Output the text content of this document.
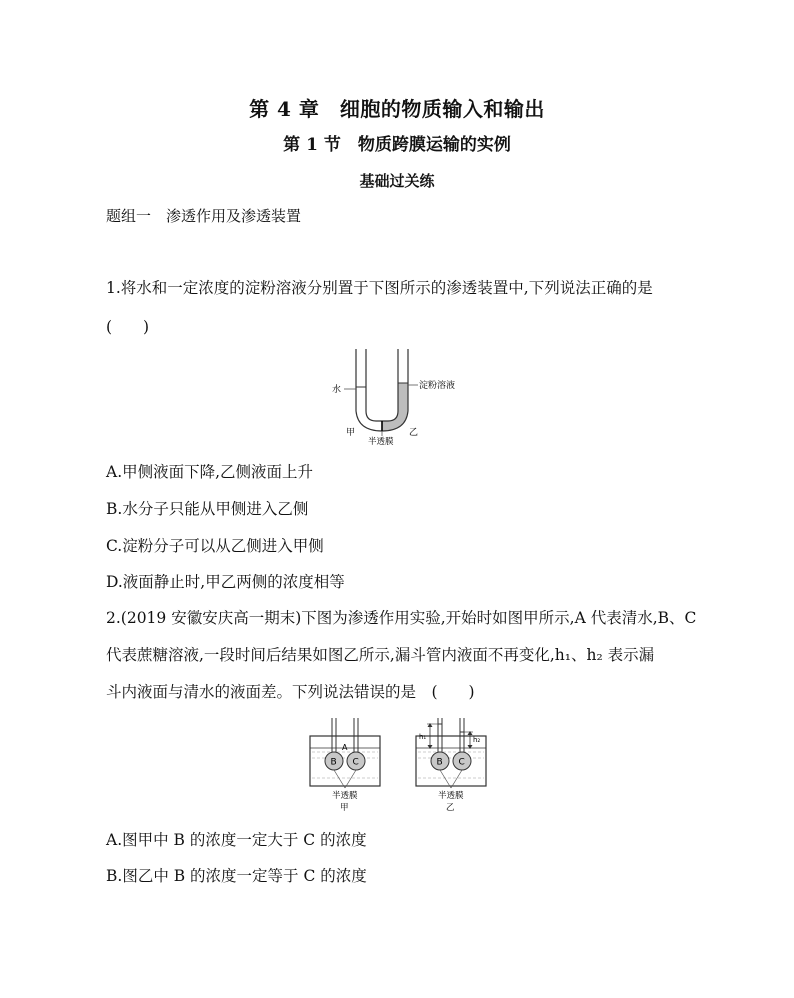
第 4 章　细胞的物质输入和输出
第 1 节　物质跨膜运输的实例
基础过关练
题组一　渗透作用及渗透装置
1.将水和一定浓度的淀粉溶液分别置于下图所示的渗透装置中,下列说法正确的是
(　　)
水	淀粉溶液
甲	乙
半透膜
A.甲侧液面下降,乙侧液面上升
B.水分子只能从甲侧进入乙侧
C.淀粉分子可以从乙侧进入甲侧
D.液面静止时,甲乙两侧的浓度相等
2.(2019 安徽安庆高一期末)下图为渗透作用实验,开始时如图甲所示,A 代表清水,B、C
代表蔗糖溶液,一段时间后结果如图乙所示,漏斗管内液面不再变化,h₁、h₂ 表示漏
斗内液面与清水的液面差。下列说法错误的是　(　　)
B C
A
半透膜
甲
B C
h₁	h₂
半透膜
乙
A.图甲中 B 的浓度一定大于 C 的浓度
B.图乙中 B 的浓度一定等于 C 的浓度
